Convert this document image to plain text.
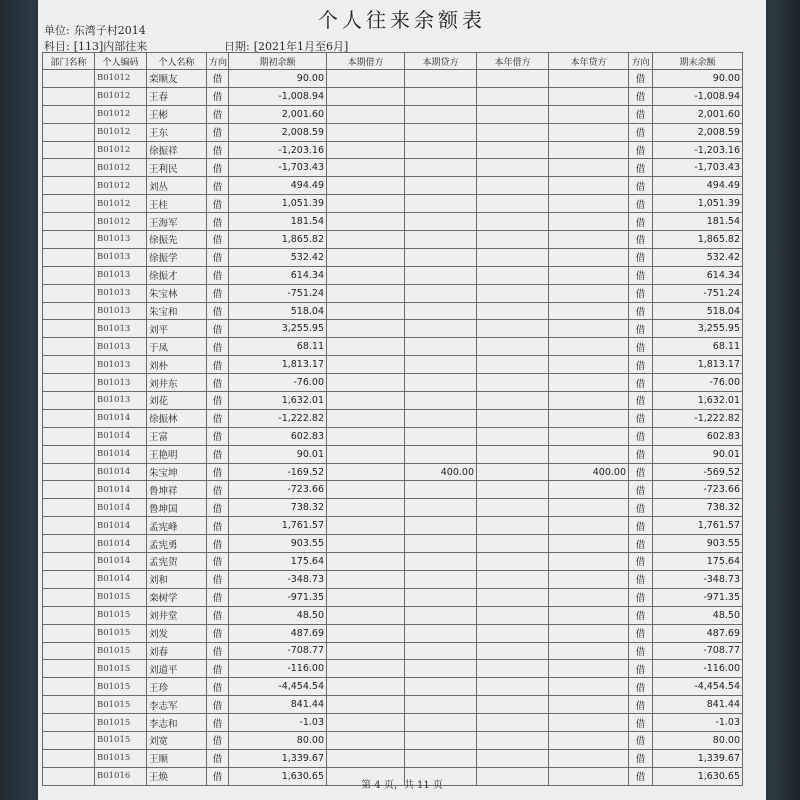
个人往来余额表
单位: 东湾子村2014
科目: [113]内部往来	日期: [2021年1月至6月]
部门名称	个人编码	个人名称	方向	期初余额	本期借方	本期贷方	本年借方	本年贷方	方向	期末余额
	B01012	栾顺友	借	90.00					借	90.00
	B01012	王春	借	-1,008.94					借	-1,008.94
	B01012	王彬	借	2,001.60					借	2,001.60
	B01012	王东	借	2,008.59					借	2,008.59
	B01012	徐振祥	借	-1,203.16					借	-1,203.16
	B01012	王利民	借	-1,703.43					借	-1,703.43
	B01012	刘丛	借	494.49					借	494.49
	B01012	王桂	借	1,051.39					借	1,051.39
	B01012	王海军	借	181.54					借	181.54
	B01013	徐振先	借	1,865.82					借	1,865.82
	B01013	徐振学	借	532.42					借	532.42
	B01013	徐振才	借	614.34					借	614.34
	B01013	朱宝林	借	-751.24					借	-751.24
	B01013	朱宝和	借	518.04					借	518.04
	B01013	刘平	借	3,255.95					借	3,255.95
	B01013	于凤	借	68.11					借	68.11
	B01013	刘朴	借	1,813.17					借	1,813.17
	B01013	刘井东	借	-76.00					借	-76.00
	B01013	刘花	借	1,632.01					借	1,632.01
	B01014	徐振林	借	-1,222.82					借	-1,222.82
	B01014	王富	借	602.83					借	602.83
	B01014	王艳明	借	90.01					借	90.01
	B01014	朱宝坤	借	-169.52		400.00		400.00	借	-569.52
	B01014	鲁坤祥	借	-723.66					借	-723.66
	B01014	鲁坤国	借	738.32					借	738.32
	B01014	孟宪峰	借	1,761.57					借	1,761.57
	B01014	孟宪勇	借	903.55					借	903.55
	B01014	孟宪贺	借	175.64					借	175.64
	B01014	刘和	借	-348.73					借	-348.73
	B01015	栾树学	借	-971.35					借	-971.35
	B01015	刘井堂	借	48.50					借	48.50
	B01015	刘发	借	487.69					借	487.69
	B01015	刘春	借	-708.77					借	-708.77
	B01015	刘道平	借	-116.00					借	-116.00
	B01015	王珍	借	-4,454.54					借	-4,454.54
	B01015	李志军	借	841.44					借	841.44
	B01015	李志和	借	-1.03					借	-1.03
	B01015	刘宽	借	80.00					借	80.00
	B01015	王顺	借	1,339.67					借	1,339.67
	B01016	王焕	借	1,630.65					借	1,630.65
第 4 页，共 11 页
